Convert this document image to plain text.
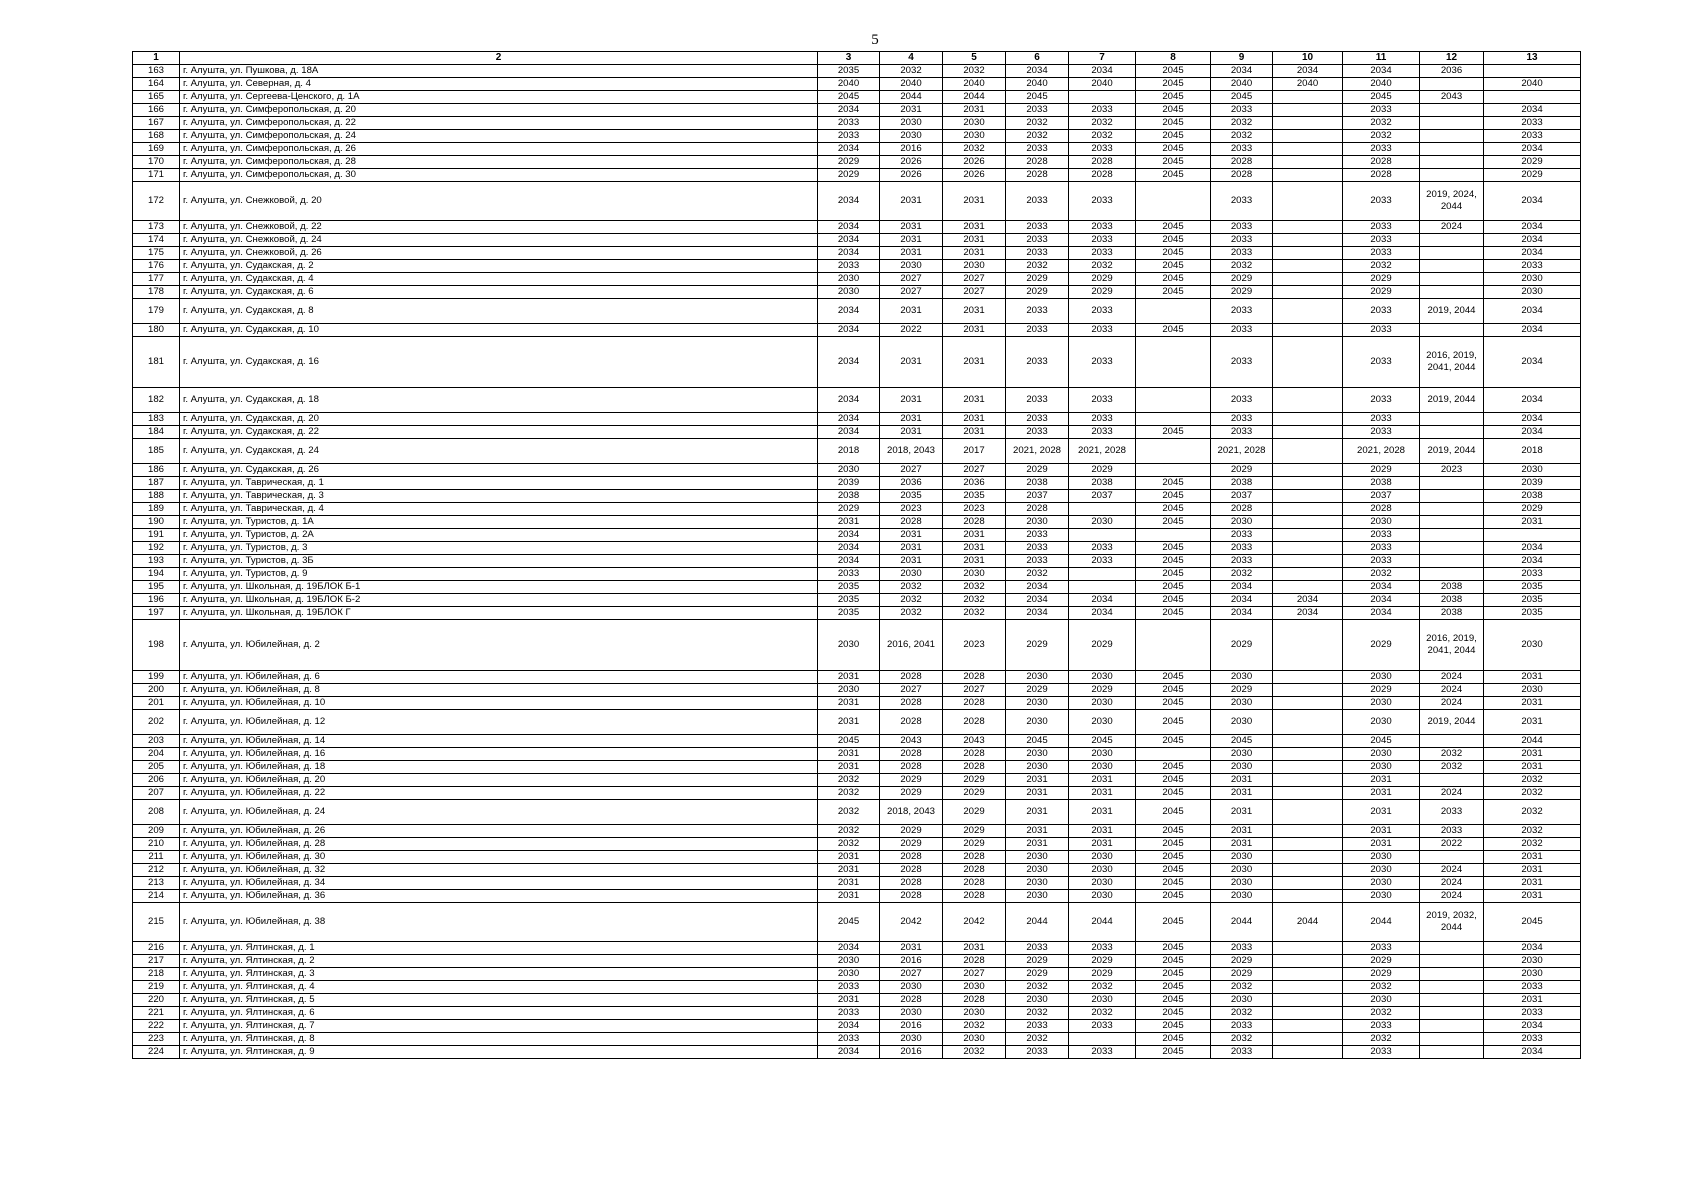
5
1	2	3	4	5	6	7	8	9	10	11	12	13
163	г. Алушта, ул. Пушкова, д. 18А	2035	2032	2032	2034	2034	2045	2034	2034	2034	2036	
164	г. Алушта, ул. Северная, д. 4	2040	2040	2040	2040	2040	2045	2040	2040	2040		2040
165	г. Алушта, ул. Сергеева-Ценского, д. 1А	2045	2044	2044	2045		2045	2045		2045	2043	
166	г. Алушта, ул. Симферопольская, д. 20	2034	2031	2031	2033	2033	2045	2033		2033		2034
167	г. Алушта, ул. Симферопольская, д. 22	2033	2030	2030	2032	2032	2045	2032		2032		2033
168	г. Алушта, ул. Симферопольская, д. 24	2033	2030	2030	2032	2032	2045	2032		2032		2033
169	г. Алушта, ул. Симферопольская, д. 26	2034	2016	2032	2033	2033	2045	2033		2033		2034
170	г. Алушта, ул. Симферопольская, д. 28	2029	2026	2026	2028	2028	2045	2028		2028		2029
171	г. Алушта, ул. Симферопольская, д. 30	2029	2026	2026	2028	2028	2045	2028		2028		2029
172	г. Алушта, ул. Снежковой, д. 20	2034	2031	2031	2033	2033		2033		2033	2019, 2024, 2044	2034
173	г. Алушта, ул. Снежковой, д. 22	2034	2031	2031	2033	2033	2045	2033		2033	2024	2034
174	г. Алушта, ул. Снежковой, д. 24	2034	2031	2031	2033	2033	2045	2033		2033		2034
175	г. Алушта, ул. Снежковой, д. 26	2034	2031	2031	2033	2033	2045	2033		2033		2034
176	г. Алушта, ул. Судакская, д. 2	2033	2030	2030	2032	2032	2045	2032		2032		2033
177	г. Алушта, ул. Судакская, д. 4	2030	2027	2027	2029	2029	2045	2029		2029		2030
178	г. Алушта, ул. Судакская, д. 6	2030	2027	2027	2029	2029	2045	2029		2029		2030
179	г. Алушта, ул. Судакская, д. 8	2034	2031	2031	2033	2033		2033		2033	2019, 2044	2034
180	г. Алушта, ул. Судакская, д. 10	2034	2022	2031	2033	2033	2045	2033		2033		2034
181	г. Алушта, ул. Судакская, д. 16	2034	2031	2031	2033	2033		2033		2033	2016, 2019, 2041, 2044	2034
182	г. Алушта, ул. Судакская, д. 18	2034	2031	2031	2033	2033		2033		2033	2019, 2044	2034
183	г. Алушта, ул. Судакская, д. 20	2034	2031	2031	2033	2033		2033		2033		2034
184	г. Алушта, ул. Судакская, д. 22	2034	2031	2031	2033	2033	2045	2033		2033		2034
185	г. Алушта, ул. Судакская, д. 24	2018	2018, 2043	2017	2021, 2028	2021, 2028		2021, 2028		2021, 2028	2019, 2044	2018
186	г. Алушта, ул. Судакская, д. 26	2030	2027	2027	2029	2029		2029		2029	2023	2030
187	г. Алушта, ул. Таврическая, д. 1	2039	2036	2036	2038	2038	2045	2038		2038		2039
188	г. Алушта, ул. Таврическая, д. 3	2038	2035	2035	2037	2037	2045	2037		2037		2038
189	г. Алушта, ул. Таврическая, д. 4	2029	2023	2023	2028		2045	2028		2028		2029
190	г. Алушта, ул. Туристов, д. 1А	2031	2028	2028	2030	2030	2045	2030		2030		2031
191	г. Алушта, ул. Туристов, д. 2А	2034	2031	2031	2033			2033		2033		
192	г. Алушта, ул. Туристов, д. 3	2034	2031	2031	2033	2033	2045	2033		2033		2034
193	г. Алушта, ул. Туристов, д. 3Б	2034	2031	2031	2033	2033	2045	2033		2033		2034
194	г. Алушта, ул. Туристов, д. 9	2033	2030	2030	2032		2045	2032		2032		2033
195	г. Алушта, ул. Школьная, д. 19БЛОК Б-1	2035	2032	2032	2034		2045	2034		2034	2038	2035
196	г. Алушта, ул. Школьная, д. 19БЛОК Б-2	2035	2032	2032	2034	2034	2045	2034	2034	2034	2038	2035
197	г. Алушта, ул. Школьная, д. 19БЛОК Г	2035	2032	2032	2034	2034	2045	2034	2034	2034	2038	2035
198	г. Алушта, ул. Юбилейная, д. 2	2030	2016, 2041	2023	2029	2029		2029		2029	2016, 2019, 2041, 2044	2030
199	г. Алушта, ул. Юбилейная, д. 6	2031	2028	2028	2030	2030	2045	2030		2030	2024	2031
200	г. Алушта, ул. Юбилейная, д. 8	2030	2027	2027	2029	2029	2045	2029		2029	2024	2030
201	г. Алушта, ул. Юбилейная, д. 10	2031	2028	2028	2030	2030	2045	2030		2030	2024	2031
202	г. Алушта, ул. Юбилейная, д. 12	2031	2028	2028	2030	2030	2045	2030		2030	2019, 2044	2031
203	г. Алушта, ул. Юбилейная, д. 14	2045	2043	2043	2045	2045	2045	2045		2045		2044
204	г. Алушта, ул. Юбилейная, д. 16	2031	2028	2028	2030	2030		2030		2030	2032	2031
205	г. Алушта, ул. Юбилейная, д. 18	2031	2028	2028	2030	2030	2045	2030		2030	2032	2031
206	г. Алушта, ул. Юбилейная, д. 20	2032	2029	2029	2031	2031	2045	2031		2031		2032
207	г. Алушта, ул. Юбилейная, д. 22	2032	2029	2029	2031	2031	2045	2031		2031	2024	2032
208	г. Алушта, ул. Юбилейная, д. 24	2032	2018, 2043	2029	2031	2031	2045	2031		2031	2033	2032
209	г. Алушта, ул. Юбилейная, д. 26	2032	2029	2029	2031	2031	2045	2031		2031	2033	2032
210	г. Алушта, ул. Юбилейная, д. 28	2032	2029	2029	2031	2031	2045	2031		2031	2022	2032
211	г. Алушта, ул. Юбилейная, д. 30	2031	2028	2028	2030	2030	2045	2030		2030		2031
212	г. Алушта, ул. Юбилейная, д. 32	2031	2028	2028	2030	2030	2045	2030		2030	2024	2031
213	г. Алушта, ул. Юбилейная, д. 34	2031	2028	2028	2030	2030	2045	2030		2030	2024	2031
214	г. Алушта, ул. Юбилейная, д. 36	2031	2028	2028	2030	2030	2045	2030		2030	2024	2031
215	г. Алушта, ул. Юбилейная, д. 38	2045	2042	2042	2044	2044	2045	2044	2044	2044	2019, 2032, 2044	2045
216	г. Алушта, ул. Ялтинская, д. 1	2034	2031	2031	2033	2033	2045	2033		2033		2034
217	г. Алушта, ул. Ялтинская, д. 2	2030	2016	2028	2029	2029	2045	2029		2029		2030
218	г. Алушта, ул. Ялтинская, д. 3	2030	2027	2027	2029	2029	2045	2029		2029		2030
219	г. Алушта, ул. Ялтинская, д. 4	2033	2030	2030	2032	2032	2045	2032		2032		2033
220	г. Алушта, ул. Ялтинская, д. 5	2031	2028	2028	2030	2030	2045	2030		2030		2031
221	г. Алушта, ул. Ялтинская, д. 6	2033	2030	2030	2032	2032	2045	2032		2032		2033
222	г. Алушта, ул. Ялтинская, д. 7	2034	2016	2032	2033	2033	2045	2033		2033		2034
223	г. Алушта, ул. Ялтинская, д. 8	2033	2030	2030	2032		2045	2032		2032		2033
224	г. Алушта, ул. Ялтинская, д. 9	2034	2016	2032	2033	2033	2045	2033		2033		2034
